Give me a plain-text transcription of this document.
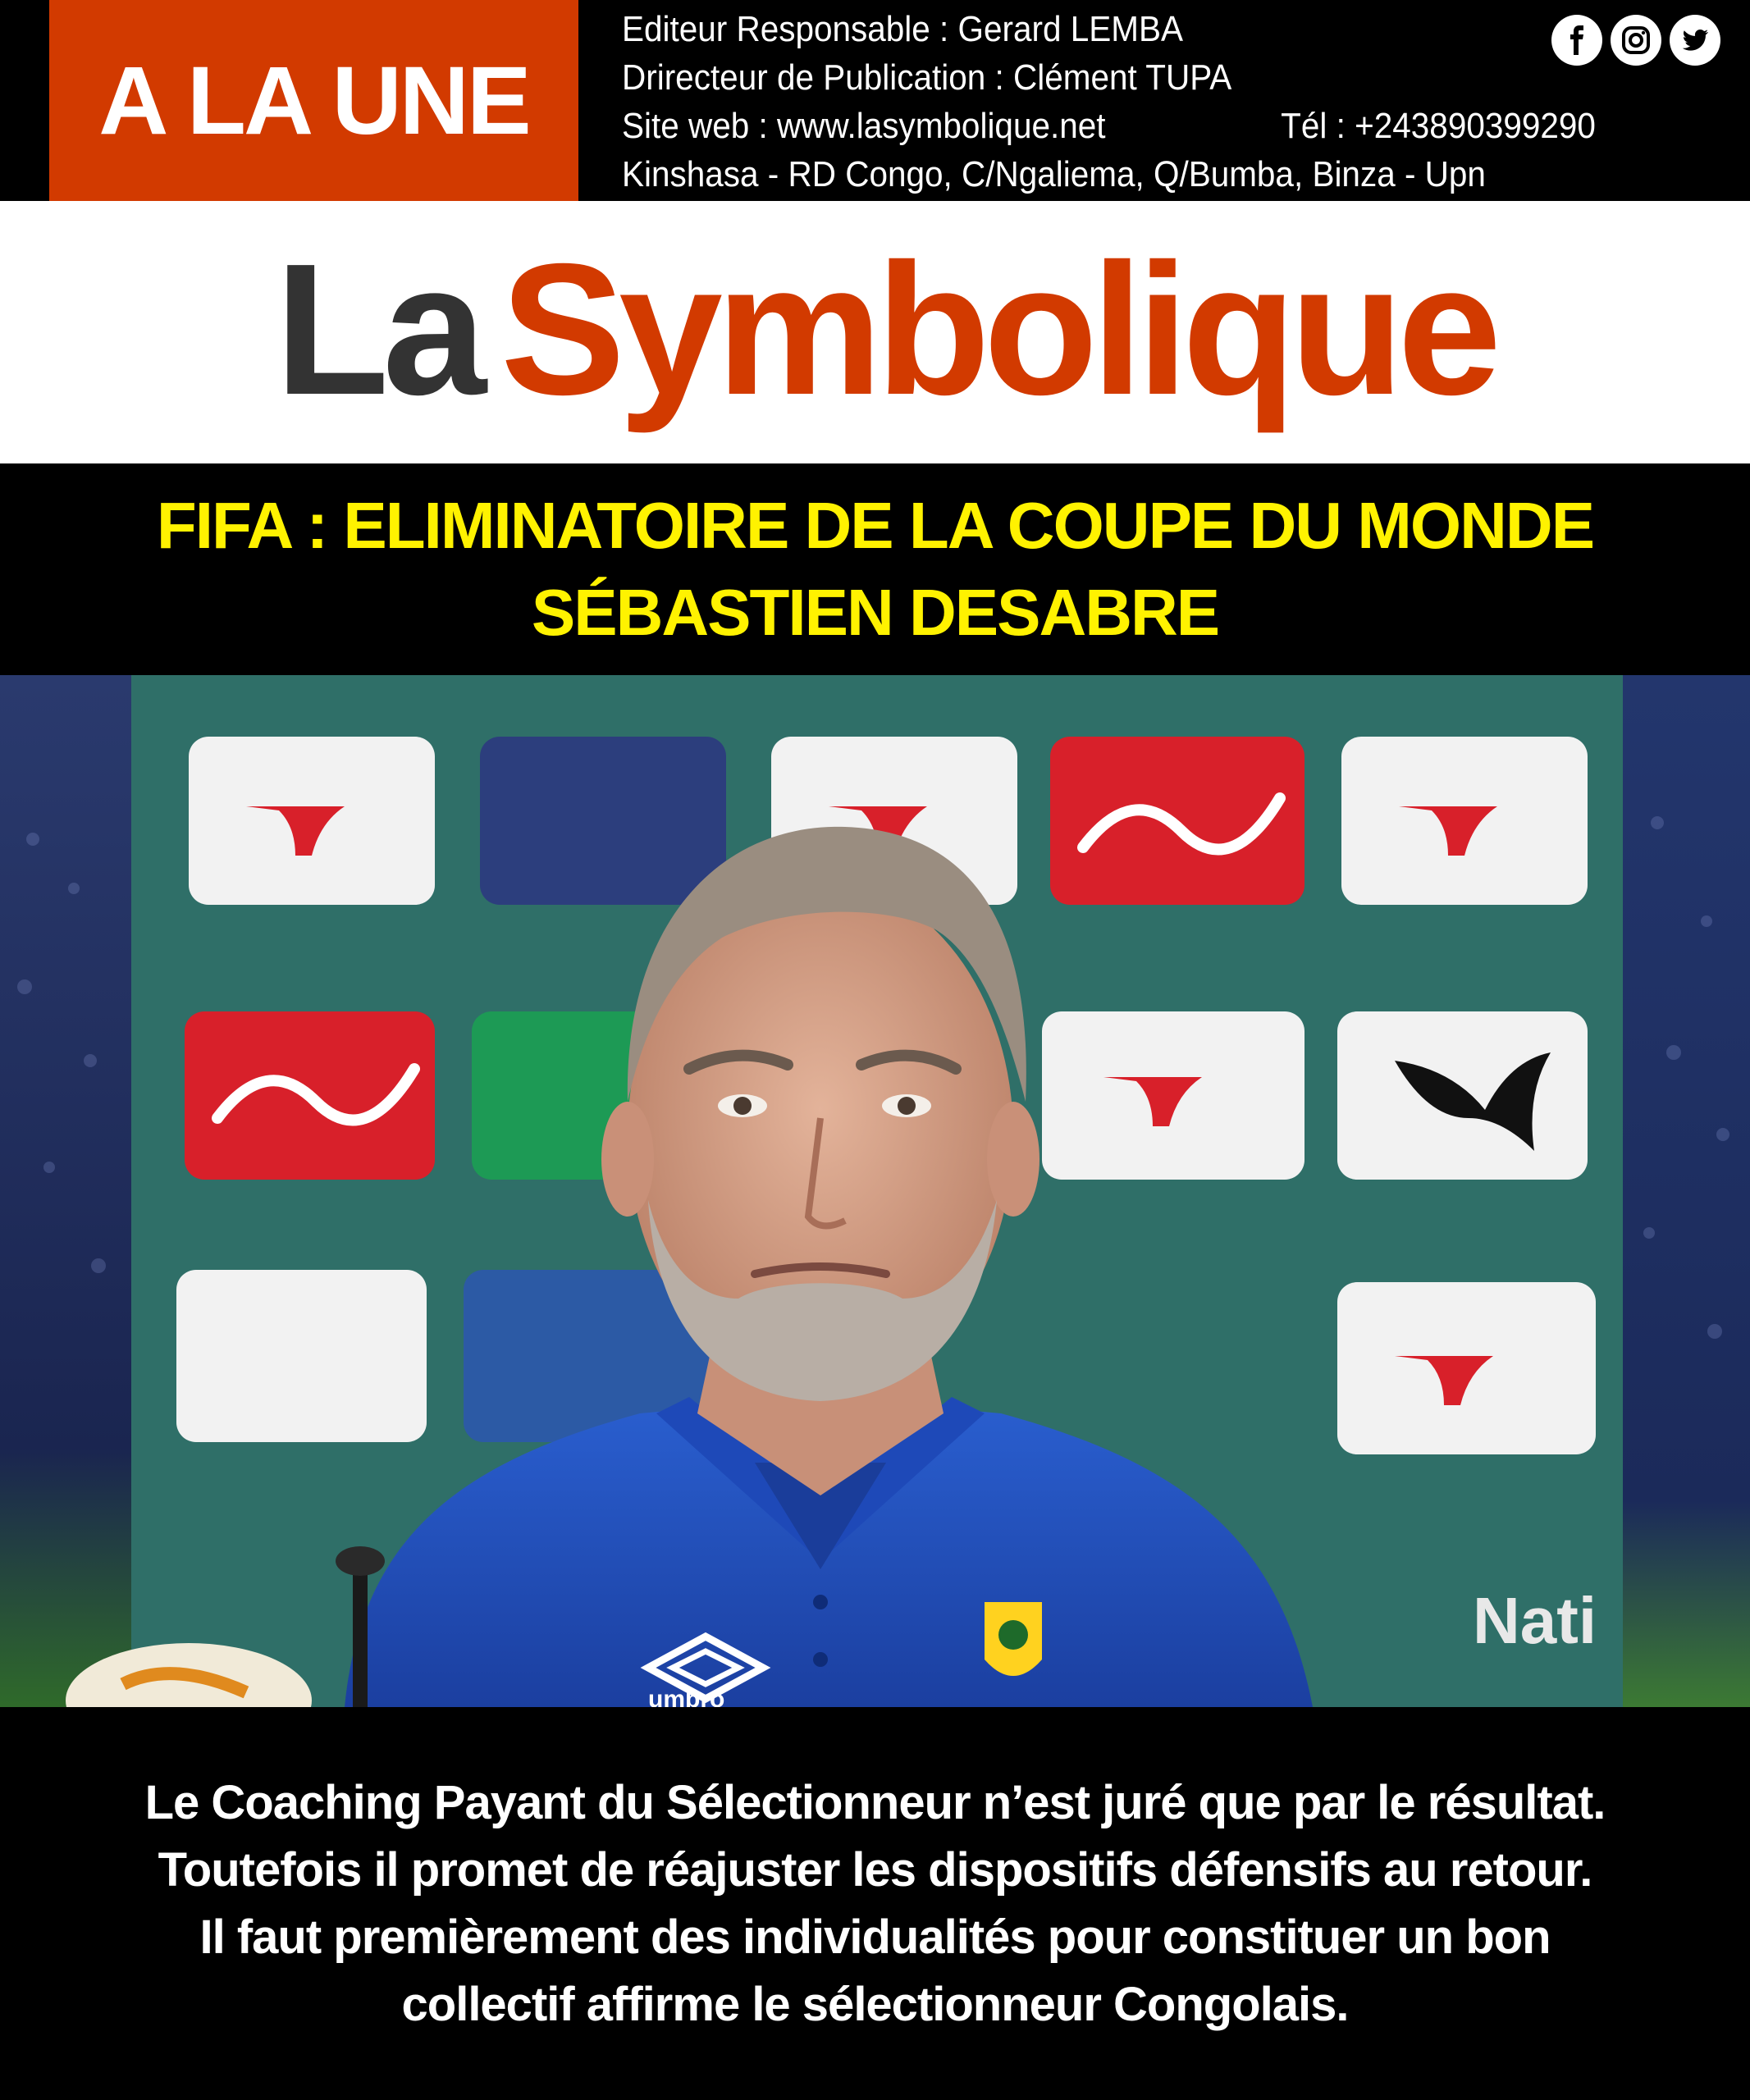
A LA UNE
Editeur Responsable : Gerard LEMBA
Drirecteur de Publication : Clément TUPA
Site web : www.lasymbolique.net	Tél : +243890399290
Kinshasa - RD Congo, C/Ngaliema, Q/Bumba, Binza - Upn
La Symbolique
FIFA : ELIMINATOIRE DE LA COUPE DU MONDE
SÉBASTIEN DESABRE
Nati
umbro
Le Coaching Payant du Sélectionneur n’est juré que par le résultat.
Toutefois il promet de réajuster les dispositifs défensifs au retour.
Il faut premièrement des individualités pour constituer un bon
collectif affirme le sélectionneur Congolais.
